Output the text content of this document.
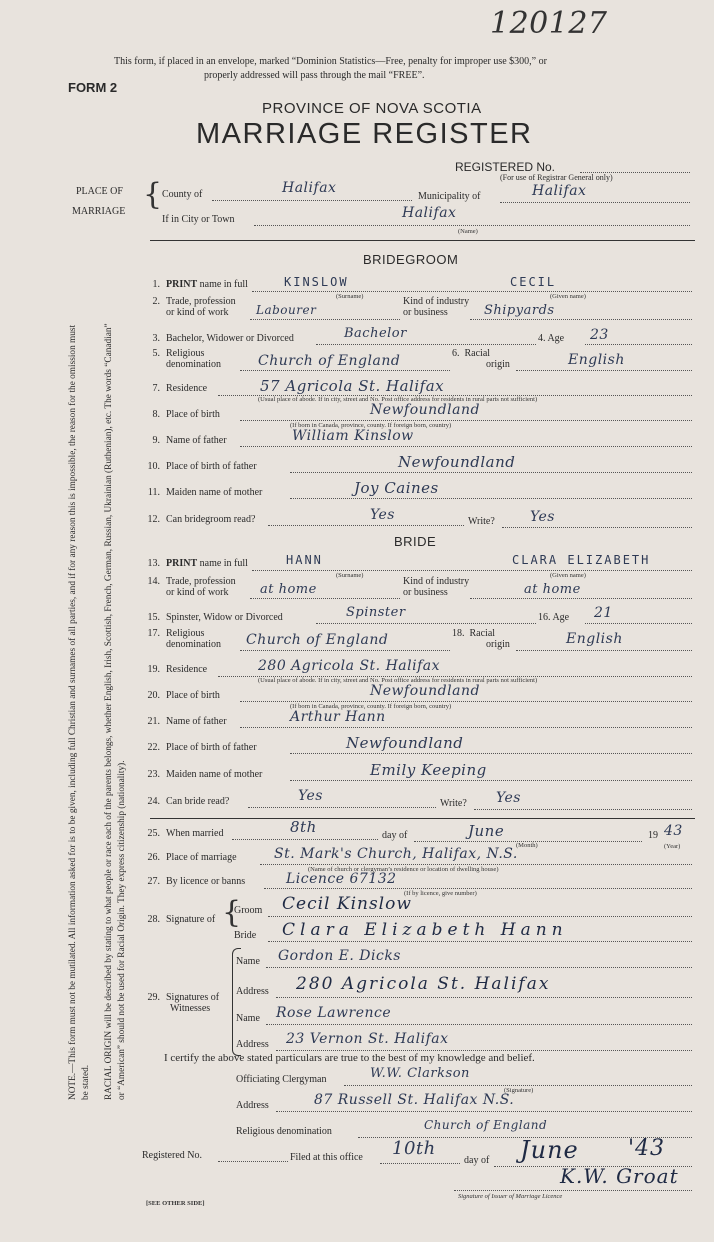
120127
This form, if placed in an envelope, marked “Dominion Statistics—Free, penalty for improper use $300,” or
properly addressed will pass through the mail “FREE”.
FORM 2
PROVINCE OF NOVA SCOTIA
MARRIAGE REGISTER
REGISTERED No.
(For use of Registrar General only)
PLACE OF
MARRIAGE { County of	Halifax
Municipality of	Halifax
If in City or Town	Halifax
(Name)
NOTE.—This form must not be mutilated. All information asked for is to be given, including full Christian and surnames of all parties, and if for any reason this is impossible, the reason for the omission must be stated. RACIAL ORIGIN will be described by stating to what people or race each of the parents belongs, whether English, Irish, Scottish, French, German, Russian, Ukrainian (Ruthenian), etc. The words “Canadian” or “American” should not be used for Racial Origin. They express citizenship (nationality).
BRIDEGROOM
1. PRINT name in full	KINSLOW	CECIL
(Surname)	(Given name)
2. Trade, profession
or kind of work Labourer
Kind of industry
or business	Shipyards
3. Bachelor, Widower or Divorced	Bachelor	4. Age 23
5. Religious
denomination	Church of England	6. Racial
origin	English
7. Residence	57 Agricola St. Halifax
(Usual place of abode. If in city, street and No. Post office address for residents in rural parts not sufficient)
8. Place of birth	Newfoundland
(If born in Canada, province, county. If foreign born, country)
9. Name of father	William Kinslow
10. Place of birth of father	Newfoundland
11. Maiden name of mother	Joy Caines
12. Can bridegroom read?	Yes	Write?	Yes
BRIDE
13. PRINT name in full	HANN	CLARA ELIZABETH
(Surname)	(Given name)
14. Trade, profession
or kind of work at home
Kind of industry
or business	at home
15. Spinster, Widow or Divorced	Spinster	16. Age 21
17. Religious
denomination Church of England	18. Racial
origin	English
19. Residence	280 Agricola St. Halifax
(Usual place of abode. If in city, street and No. Post office address for residents in rural parts not sufficient)
20. Place of birth	Newfoundland
(If born in Canada, province, county. If foreign born, country)
21. Name of father	Arthur Hann
22. Place of birth of father	Newfoundland
23. Maiden name of mother	Emily Keeping
24. Can bride read?	Yes	Write? Yes
25. When married	8th	day of	June
(Month)
19 43
(Year)
26. Place of marriage	St. Mark's Church, Halifax, N.S.
(Name of church or clergyman’s residence or location of dwelling house)
27. By licence or banns	Licence 67132
(If by licence, give number)
28. Signature of {
Groom Cecil Kinslow
Bride Clara Elizabeth Hann
29. Signatures of
Witnesses
Name Gordon E. Dicks
Address 280 Agricola St. Halifax
Name Rose Lawrence
Address 23 Vernon St. Halifax
I certify the above stated particulars are true to the best of my knowledge and belief.
Officiating Clergyman	W.W. Clarkson
(Signature)
Address	87 Russell St. Halifax N.S.
Religious denomination	Church of England
Registered No.	Filed at this office 10th
day of June '43
K.W. Groat
Signature of Issuer of Marriage Licence
[SEE OTHER SIDE]
